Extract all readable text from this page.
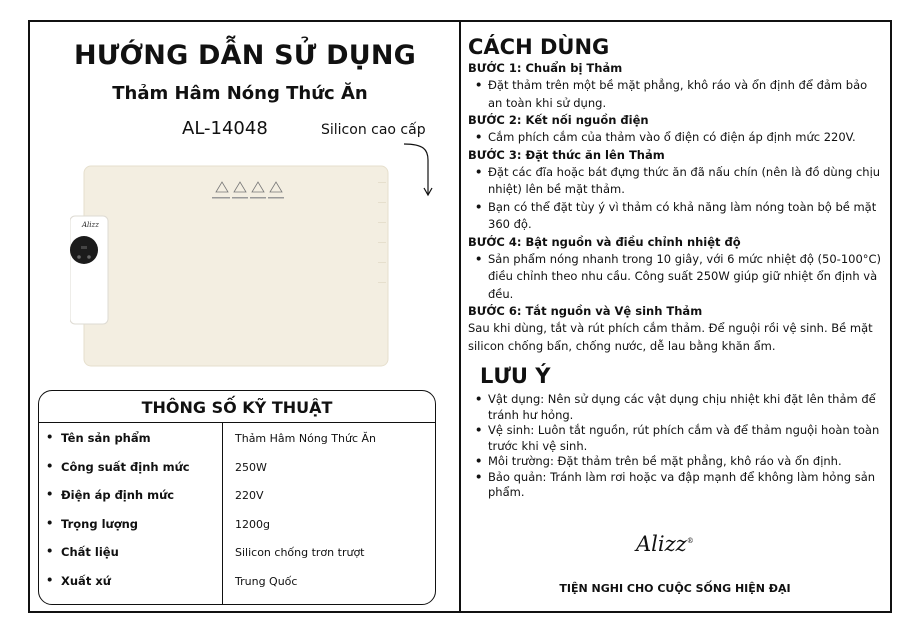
HƯỚNG DẪN SỬ DỤNG
Thảm Hâm Nóng Thức Ăn
AL-14048	Silicon cao cấp
Alizz
THÔNG SỐ KỸ THUẬT
• Tên sản phẩm	Thảm Hâm Nóng Thức Ăn
• Công suất định mức	250W
• Điện áp định mức	220V
• Trọng lượng	1200g
• Chất liệu	Silicon chống trơn trượt
• Xuất xứ	Trung Quốc
CÁCH DÙNG
BƯỚC 1: Chuẩn bị Thảm
• Đặt thảm trên một bề mặt phẳng, khô ráo và ổn định để đảm bảo an toàn khi sử dụng.
BƯỚC 2: Kết nối nguồn điện
• Cắm phích cắm của thảm vào ổ điện có điện áp định mức 220V.
BƯỚC 3: Đặt thức ăn lên Thảm
• Đặt các đĩa hoặc bát đựng thức ăn đã nấu chín (nên là đồ dùng chịu nhiệt) lên bề mặt thảm.
• Bạn có thể đặt tùy ý vì thảm có khả năng làm nóng toàn bộ bề mặt 360 độ.
BƯỚC 4: Bật nguồn và điều chỉnh nhiệt độ
• Sản phẩm nóng nhanh trong 10 giây, với 6 mức nhiệt độ (50-100°C) điều chỉnh theo nhu cầu. Công suất 250W giúp giữ nhiệt ổn định và đều.
BƯỚC 6: Tắt nguồn và Vệ sinh Thảm
Sau khi dùng, tắt và rút phích cắm thảm. Để nguội rồi vệ sinh. Bề mặt silicon chống bẩn, chống nước, dễ lau bằng khăn ẩm.
LƯU Ý
• Vật dụng: Nên sử dụng các vật dụng chịu nhiệt khi đặt lên thảm để tránh hư hỏng.
• Vệ sinh: Luôn tắt nguồn, rút phích cắm và để thảm nguội hoàn toàn trước khi vệ sinh.
• Môi trường: Đặt thảm trên bề mặt phẳng, khô ráo và ổn định.
• Bảo quản: Tránh làm rơi hoặc va đập mạnh để không làm hỏng sản phẩm.
Alizz®
TIỆN NGHI CHO CUỘC SỐNG HIỆN ĐẠI
